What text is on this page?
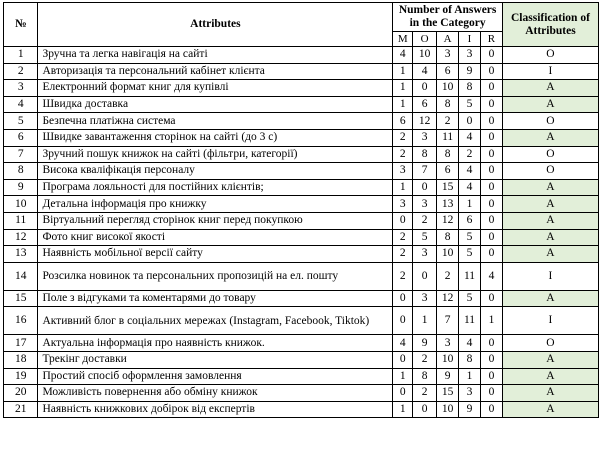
№	Attributes	Number of Answers in the Category					Classification of Attributes
		M	O	A	I	R	
1	Зручна та легка навігація на сайті	4	10	3	3	0	O
2	Авторизація та персональний кабінет клієнта	1	4	6	9	0	I
3	Електронний формат книг для купівлі	1	0	10	8	0	A
4	Швидка доставка	1	6	8	5	0	A
5	Безпечна платіжна система	6	12	2	0	0	O
6	Швидке завантаження сторінок на сайті (до 3 с)	2	3	11	4	0	A
7	Зручний пошук книжок на сайті (фільтри, категорії)	2	8	8	2	0	O
8	Висока кваліфікація персоналу	3	7	6	4	0	O
9	Програма лояльності для постійних клієнтів;	1	0	15	4	0	A
10	Детальна інформація про книжку	3	3	13	1	0	A
11	Віртуальний перегляд сторінок книг перед покупкою	0	2	12	6	0	A
12	Фото книг високої якості	2	5	8	5	0	A
13	Наявність мобільної версії сайту	2	3	10	5	0	A
14	Розсилка новинок та персональних пропозицій на ел. пошту	2	0	2	11	4	I
15	Поле з відгуками та коментарями до товару	0	3	12	5	0	A
16	Активний блог в соціальних мережах (Instagram, Facebook, Tiktok)	0	1	7	11	1	I
17	Актуальна інформація про наявність книжок.	4	9	3	4	0	O
18	Трекінг доставки	0	2	10	8	0	A
19	Простий спосіб оформлення замовлення	1	8	9	1	0	A
20	Можливість повернення або обміну книжок	0	2	15	3	0	A
21	Наявність книжкових добірок від експертів	1	0	10	9	0	A
